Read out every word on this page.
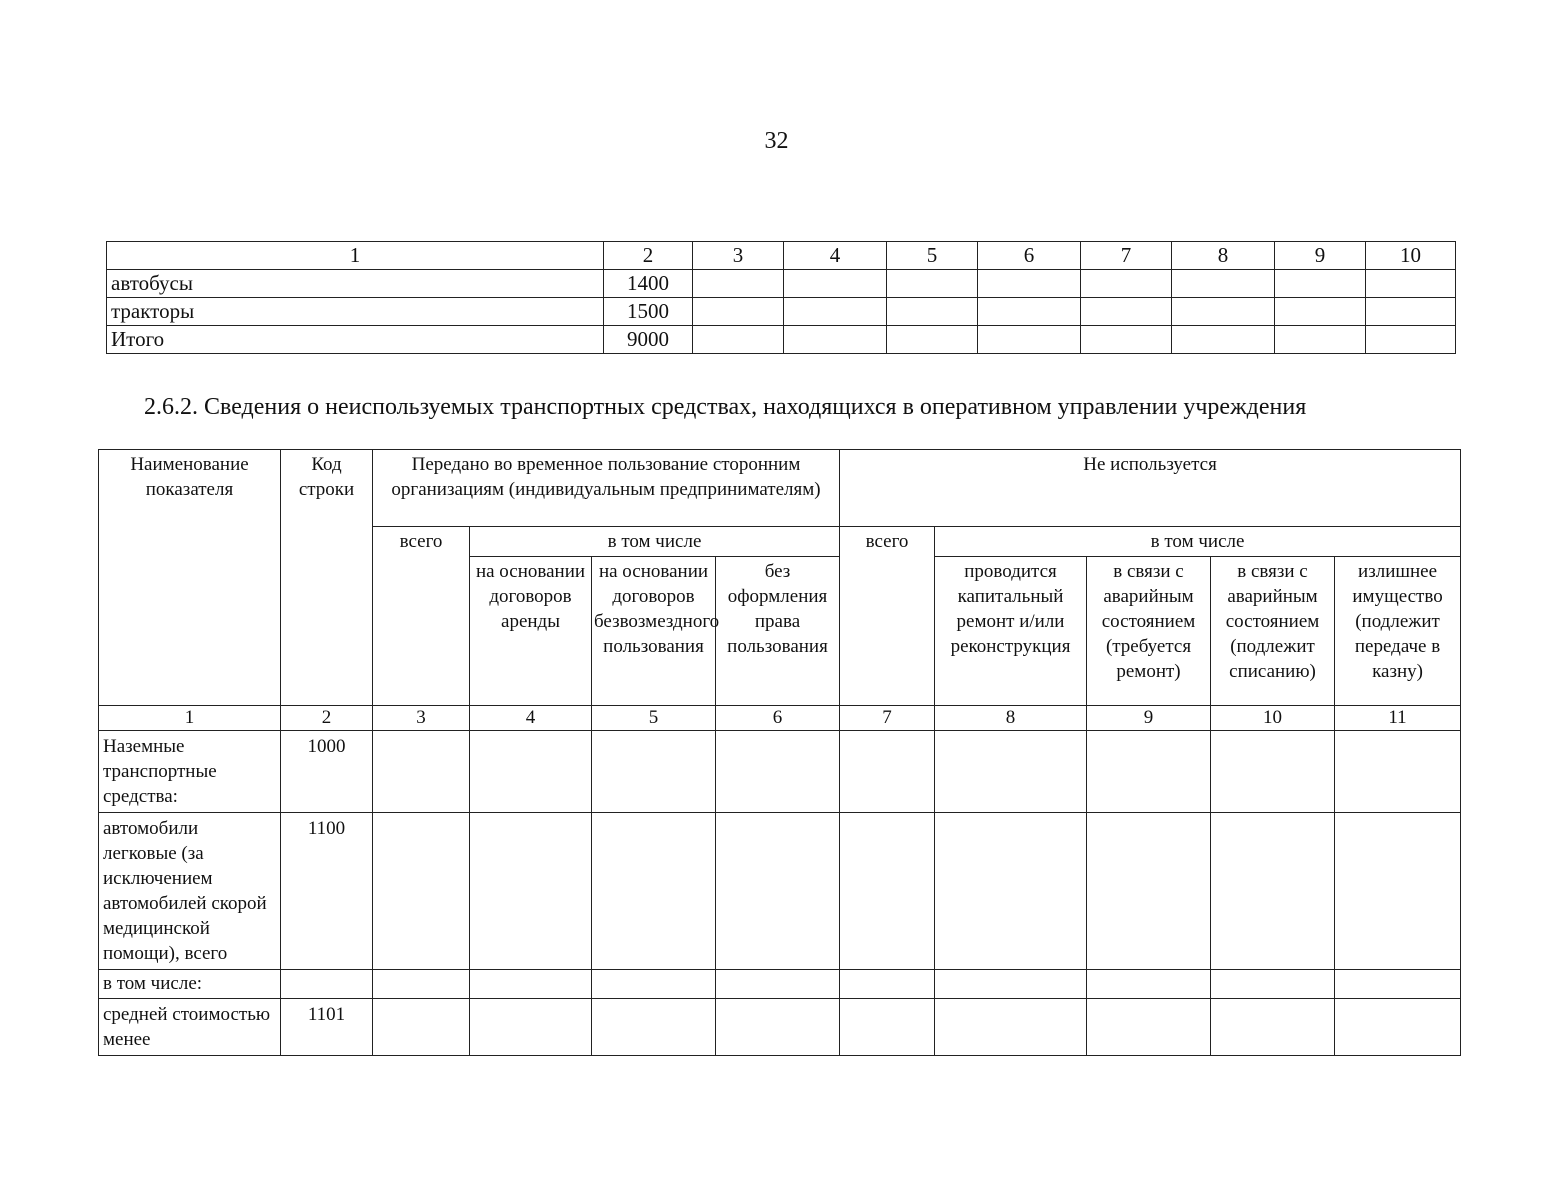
32
1	2	3	4	5	6	7	8	9	10
автобусы	1400								
тракторы	1500								
Итого	9000								
2.6.2. Сведения о неиспользуемых транспортных средствах, находящихся в оперативном управлении учреждения
Наименование показателя	Код строки	Передано во временное пользование сторонним организациям (индивидуальным предпринимателям)				Не используется				
		всего	в том числе			всего	в том числе			
			на основании договоров аренды	на основании договоров безвозмездного пользования	без оформления права пользования		проводится капитальный ремонт и/или реконструкция	в связи с аварийным состоянием (требуется ремонт)	в связи с аварийным состоянием (подлежит списанию)	излишнее имущество (подлежит передаче в казну)
1	2	3	4	5	6	7	8	9	10	11
Наземные транспортные средства:	1000									
автомобили легковые (за исключением автомобилей скорой медицинской помощи), всего	1100									
в том числе:										
средней стоимостью менее	1101									
